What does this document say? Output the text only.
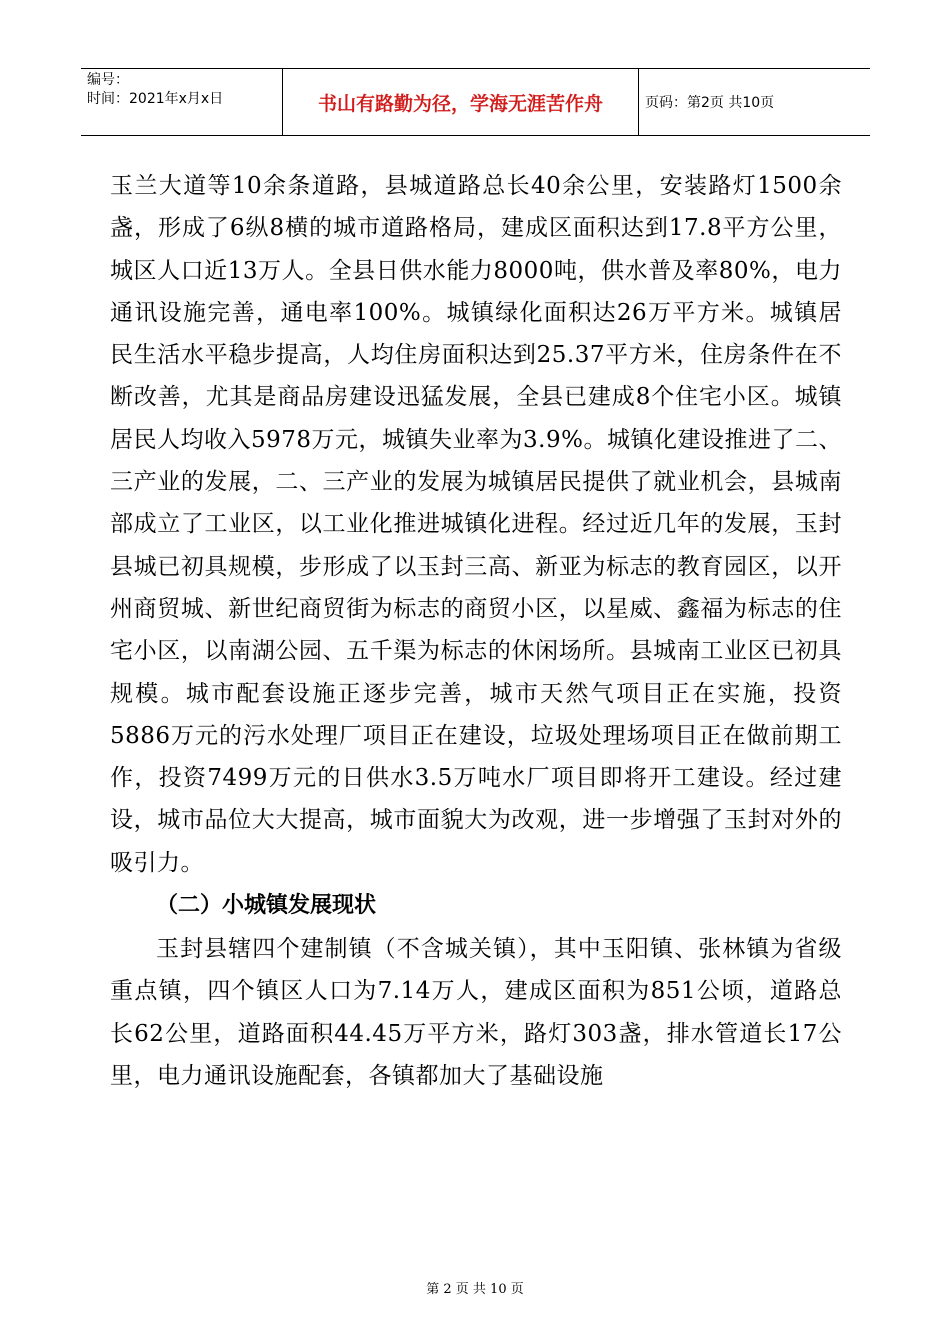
编号：
时间：2021年x月x日	书山有路勤为径，学海无涯苦作舟	页码：第2页 共10页

玉兰大道等10余条道路，县城道路总长40余公里，安装路灯1500余盏，形成了6纵8横的城市道路格局，建成区面积达到17.8平方公里，城区人口近13万人。全县日供水能力8000吨，供水普及率80%，电力通讯设施完善，通电率100%。城镇绿化面积达26万平方米。城镇居民生活水平稳步提高，人均住房面积达到25.37平方米，住房条件在不断改善，尤其是商品房建设迅猛发展，全县已建成8个住宅小区。城镇居民人均收入5978万元，城镇失业率为3.9%。城镇化建设推进了二、三产业的发展，二、三产业的发展为城镇居民提供了就业机会，县城南部成立了工业区，以工业化推进城镇化进程。经过近几年的发展，玉封县城已初具规模，步形成了以玉封三高、新亚为标志的教育园区，以开州商贸城、新世纪商贸街为标志的商贸小区，以星威、鑫福为标志的住宅小区，以南湖公园、五千渠为标志的休闲场所。县城南工业区已初具规模。城市配套设施正逐步完善，城市天然气项目正在实施，投资5886万元的污水处理厂项目正在建设，垃圾处理场项目正在做前期工作，投资7499万元的日供水3.5万吨水厂项目即将开工建设。经过建设，城市品位大大提高，城市面貌大为改观，进一步增强了玉封对外的吸引力。

（二）小城镇发展现状

玉封县辖四个建制镇（不含城关镇），其中玉阳镇、张林镇为省级重点镇，四个镇区人口为7.14万人，建成区面积为851公顷，道路总长62公里，道路面积44.45万平方米，路灯303盏，排水管道长17公里，电力通讯设施配套，各镇都加大了基础设施

第 2 页 共 10 页
